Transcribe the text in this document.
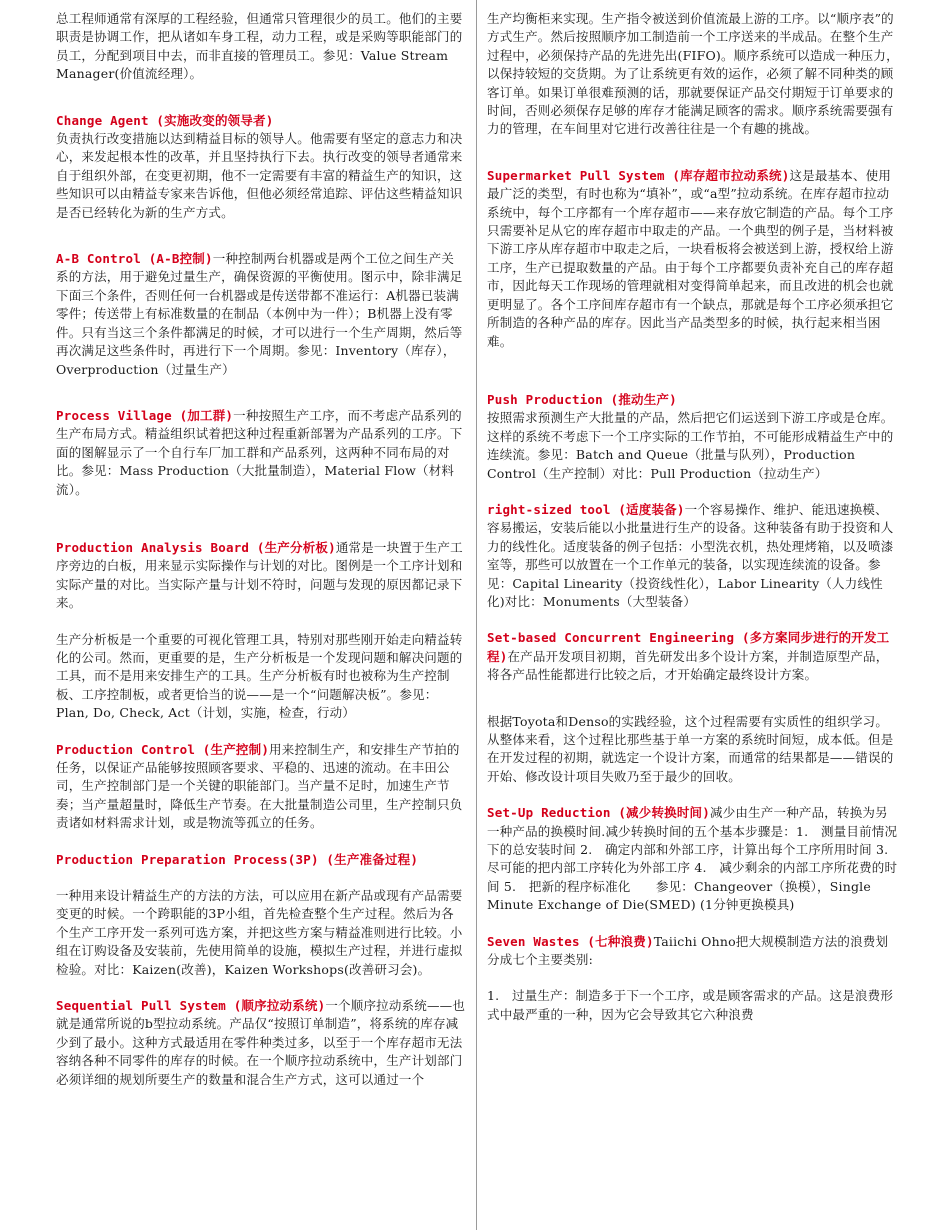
总工程师通常有深厚的工程经验，但通常只管理很少的员工。他们的主要职责是协调工作，把从诸如车身工程，动力工程，或是采购等职能部门的员工，分配到项目中去，而非直接的管理员工。参见：Value Stream Manager(价值流经理）。

Change Agent (实施改变的领导者)
负责执行改变措施以达到精益目标的领导人。他需要有坚定的意志力和决心，来发起根本性的改革，并且坚持执行下去。执行改变的领导者通常来自于组织外部，在变更初期，他不一定需要有丰富的精益生产的知识，这些知识可以由精益专家来告诉他，但他必须经常追踪、评估这些精益知识是否已经转化为新的生产方式。

A-B Control (A-B控制)一种控制两台机器或是两个工位之间生产关系的方法，用于避免过量生产，确保资源的平衡使用。图示中，除非满足下面三个条件，否则任何一台机器或是传送带都不准运行：A机器已装满零件；传送带上有标准数量的在制品（本例中为一件）；B机器上没有零件。只有当这三个条件都满足的时候，才可以进行一个生产周期，然后等再次满足这些条件时，再进行下一个周期。参见：Inventory（库存），Overproduction（过量生产）

Process Village (加工群)一种按照生产工序，而不考虑产品系列的生产布局方式。精益组织试着把这种过程重新部署为产品系列的工序。下面的图解显示了一个自行车厂加工群和产品系列，这两种不同布局的对比。参见：Mass Production（大批量制造），Material Flow（材料流）。

Production Analysis Board (生产分析板)通常是一块置于生产工序旁边的白板，用来显示实际操作与计划的对比。图例是一个工序计划和实际产量的对比。当实际产量与计划不符时，问题与发现的原因都记录下来。

生产分析板是一个重要的可视化管理工具，特别对那些刚开始走向精益转化的公司。然而，更重要的是，生产分析板是一个发现问题和解决问题的工具，而不是用来安排生产的工具。生产分析板有时也被称为生产控制板、工序控制板，或者更恰当的说——是一个“问题解决板”。参见：Plan, Do, Check, Act（计划，实施，检查，行动）

Production Control (生产控制)用来控制生产，和安排生产节拍的任务，以保证产品能够按照顾客要求、平稳的、迅速的流动。在丰田公司，生产控制部门是一个关键的职能部门。当产量不足时，加速生产节奏；当产量超量时，降低生产节奏。在大批量制造公司里，生产控制只负责诸如材料需求计划，或是物流等孤立的任务。

Production Preparation Process(3P) (生产准备过程)

一种用来设计精益生产的方法的方法，可以应用在新产品或现有产品需要变更的时候。一个跨职能的3P小组，首先检查整个生产过程。然后为各个生产工序开发一系列可选方案，并把这些方案与精益准则进行比较。小组在订购设备及安装前，先使用简单的设施，模拟生产过程，并进行虚拟检验。对比：Kaizen(改善)，Kaizen Workshops(改善研习会)。

Sequential Pull System (顺序拉动系统)一个顺序拉动系统——也就是通常所说的b型拉动系统。产品仅“按照订单制造”，将系统的库存减少到了最小。这种方式最适用在零件种类过多，以至于一个库存超市无法容纳各种不同零件的库存的时候。在一个顺序拉动系统中，生产计划部门必须详细的规划所要生产的数量和混合生产方式，这可以通过一个

生产均衡柜来实现。生产指令被送到价值流最上游的工序。以“顺序表”的方式生产。然后按照顺序加工制造前一个工序送来的半成品。在整个生产过程中，必须保持产品的先进先出(FIFO)。顺序系统可以造成一种压力，以保持较短的交货期。为了让系统更有效的运作，必须了解不同种类的顾客订单。如果订单很难预测的话，那就要保证产品交付期短于订单要求的时间，否则必须保存足够的库存才能满足顾客的需求。顺序系统需要强有力的管理，在车间里对它进行改善往往是一个有趣的挑战。

Supermarket Pull System (库存超市拉动系统)这是最基本、使用最广泛的类型，有时也称为“填补”，或“a型”拉动系统。在库存超市拉动系统中，每个工序都有一个库存超市——来存放它制造的产品。每个工序只需要补足从它的库存超市中取走的产品。一个典型的例子是，当材料被下游工序从库存超市中取走之后，一块看板将会被送到上游，授权给上游工序，生产已提取数量的产品。由于每个工序都要负责补充自己的库存超市，因此每天工作现场的管理就相对变得简单起来，而且改进的机会也就更明显了。各个工序间库存超市有一个缺点，那就是每个工序必须承担它所制造的各种产品的库存。因此当产品类型多的时候，执行起来相当困难。

Push Production (推动生产)
按照需求预测生产大批量的产品，然后把它们运送到下游工序或是仓库。这样的系统不考虑下一个工序实际的工作节拍，不可能形成精益生产中的连续流。参见：Batch and Queue（批量与队列），Production Control（生产控制）对比：Pull Production（拉动生产）

right-sized tool (适度装备)一个容易操作、维护、能迅速换模、容易搬运，安装后能以小批量进行生产的设备。这种装备有助于投资和人力的线性化。适度装备的例子包括：小型洗衣机，热处理烤箱，以及喷漆室等，那些可以放置在一个工作单元的装备，以实现连续流的设备。参见：Capital Linearity（投资线性化），Labor Linearity（人力线性化)对比：Monuments（大型装备）

Set-based Concurrent Engineering (多方案同步进行的开发工程)在产品开发项目初期，首先研发出多个设计方案，并制造原型产品，将各产品性能都进行比较之后，才开始确定最终设计方案。

根据Toyota和Denso的实践经验，这个过程需要有实质性的组织学习。从整体来看，这个过程比那些基于单一方案的系统时间短，成本低。但是在开发过程的初期，就选定一个设计方案，而通常的结果都是——错误的开始、修改设计项目失败乃至于最少的回收。

Set-Up Reduction (减少转换时间)减少由生产一种产品，转换为另一种产品的换模时间.减少转换时间的五个基本步骤是：1.　测量目前情况下的总安装时间 2.　确定内部和外部工序，计算出每个工序所用时间 3.　尽可能的把内部工序转化为外部工序 4.　减少剩余的内部工序所花费的时间 5.　把新的程序标准化　　参见：Changeover（换模），Single Minute Exchange of Die(SMED) (1分钟更换模具)

Seven Wastes (七种浪费)Taiichi Ohno把大规模制造方法的浪费划分成七个主要类别:

1.　过量生产：制造多于下一个工序，或是顾客需求的产品。这是浪费形式中最严重的一种，因为它会导致其它六种浪费
